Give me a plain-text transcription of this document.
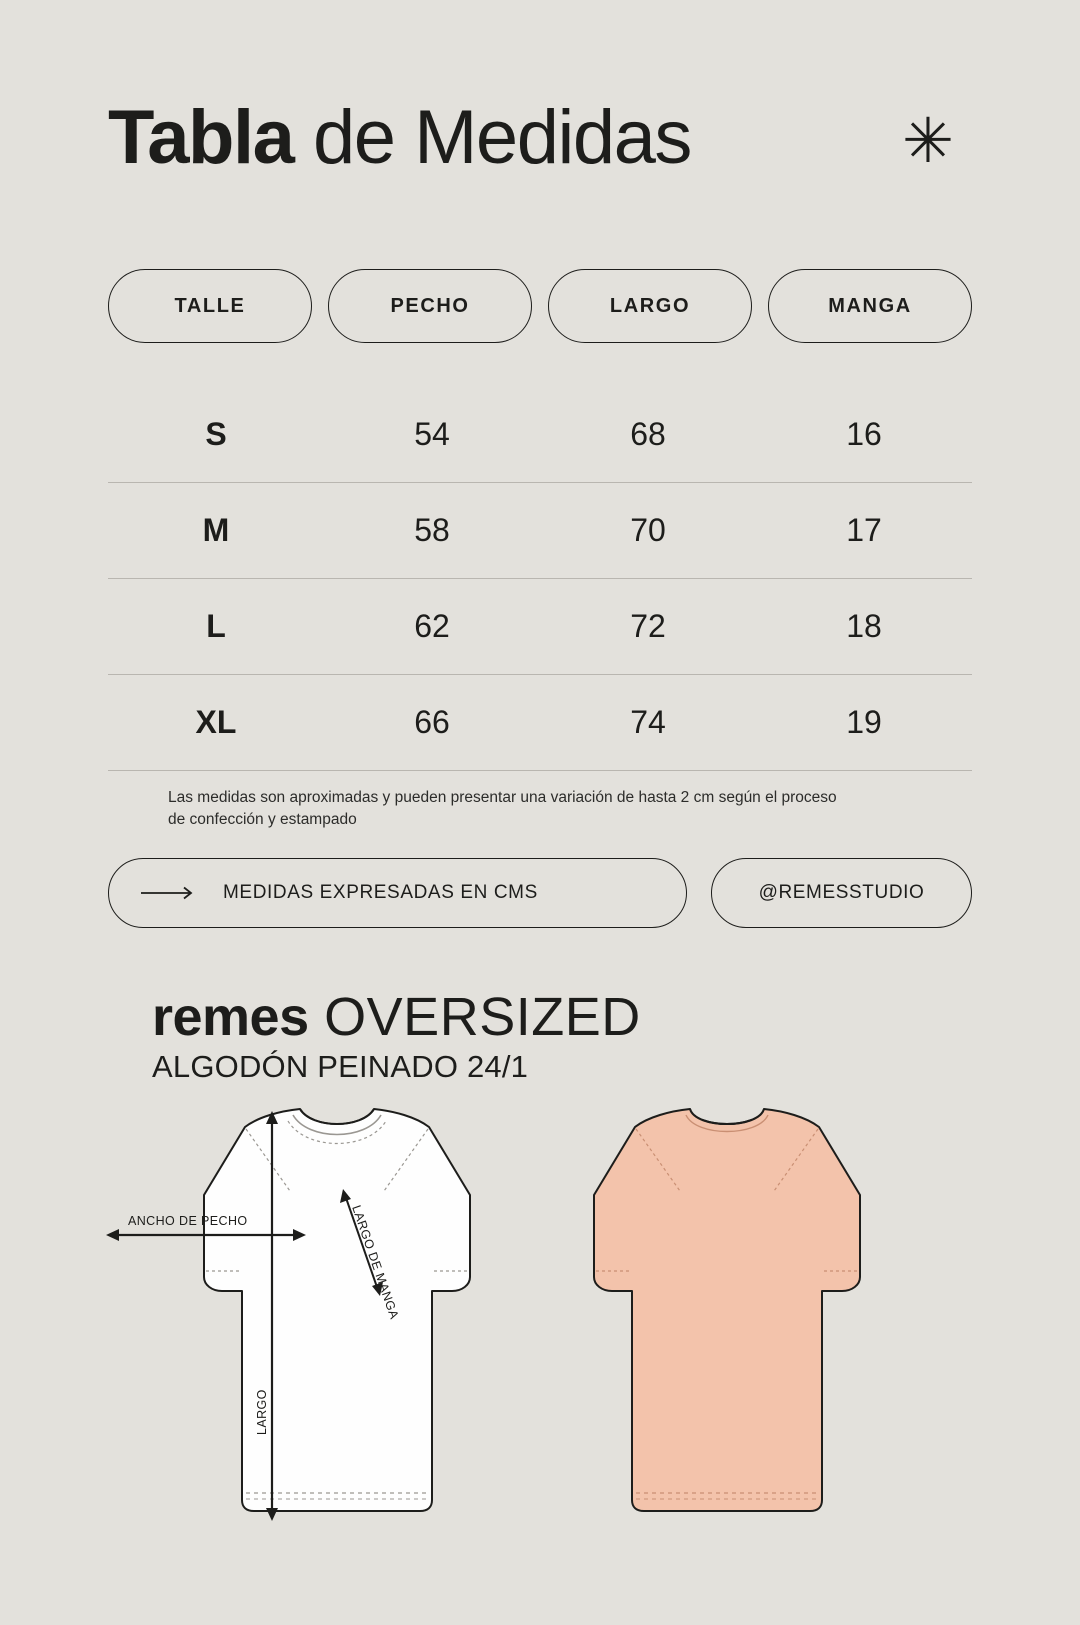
Tabla de Medidas	✳
TALLE	PECHO	LARGO	MANGA
S	54	68	16
M	58	70	17
L	62	72	18
XL	66	74	19
Las medidas son aproximadas y pueden presentar una variación de hasta 2 cm según el proceso de confección y estampado
MEDIDAS EXPRESADAS EN CMS	@REMESSTUDIO
remes OVERSIZED
ALGODÓN PEINADO 24/1
ANCHO DE PECHO
LARGO
LARGO DE MANGA
